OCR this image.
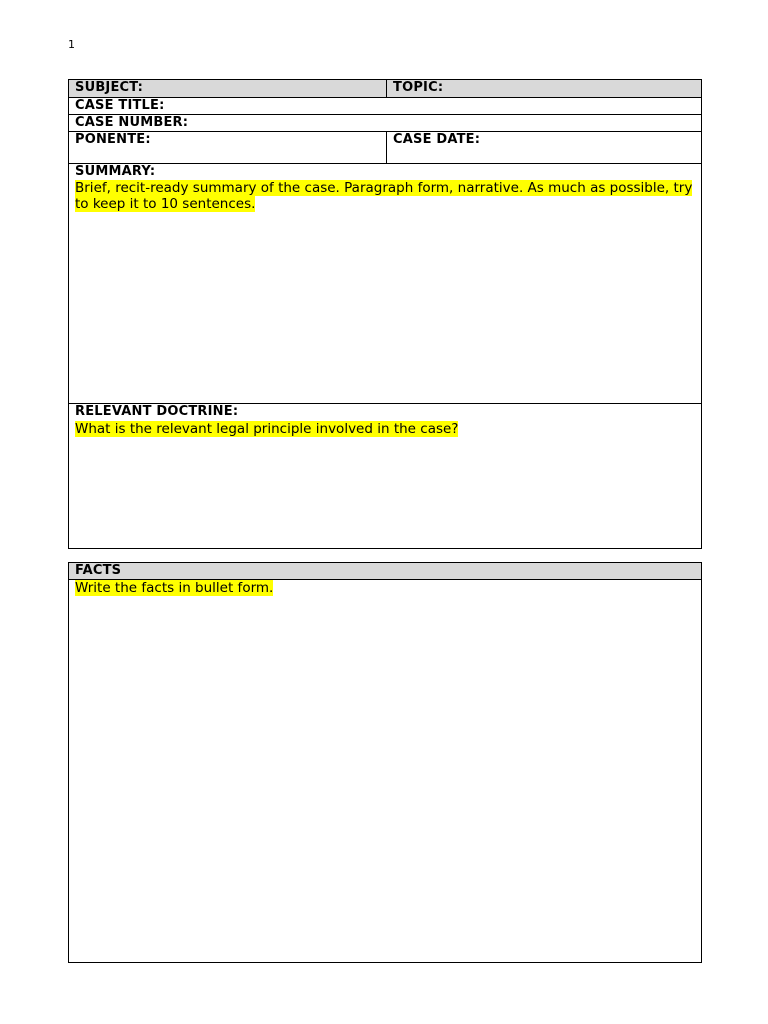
1
SUBJECT:	TOPIC:
CASE TITLE:	
CASE NUMBER:	
PONENTE:	CASE DATE:

SUMMARY:
Brief, recit-ready summary of the case. Paragraph form, narrative. As much as possible, try to keep it to 10 sentences.	

RELEVANT DOCTRINE:
What is the relevant legal principle involved in the case?	
FACTS

Write the facts in bullet form.
